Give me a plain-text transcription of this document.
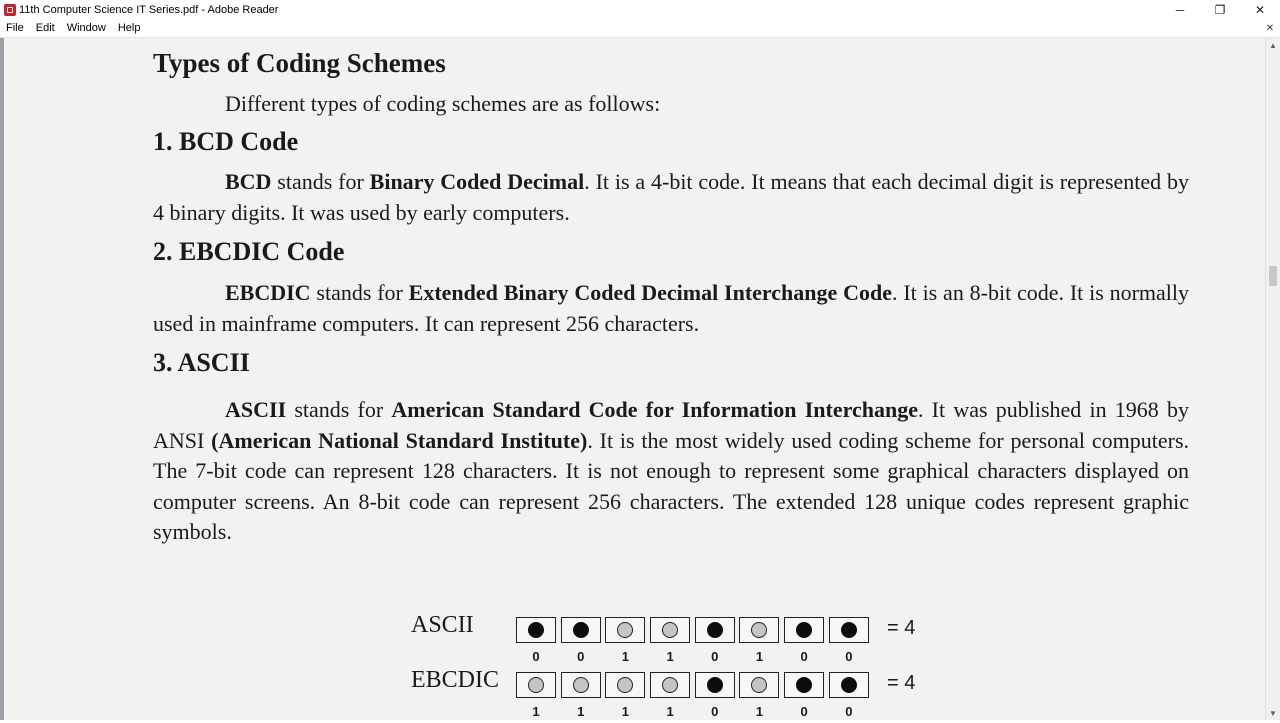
11th Computer Science IT Series.pdf - Adobe Reader	─	❐	✕
File	Edit	Window	Help	✕
Types of Coding Schemes

Different types of coding schemes are as follows:

1. BCD Code

BCD stands for Binary Coded Decimal. It is a 4-bit code. It means that each decimal digit is represented by 4 binary digits. It was used by early computers.

2. EBCDIC Code

EBCDIC stands for Extended Binary Coded Decimal Interchange Code. It is an 8-bit code. It is normally used in mainframe computers. It can represent 256 characters.

3. ASCII

ASCII stands for American Standard Code for Information Interchange. It was published in 1968 by ANSI (American National Standard Institute). It is the most widely used coding scheme for personal computers. The 7-bit code can represent 128 characters. It is not enough to represent some graphical characters displayed on computer screens. An 8-bit code can represent 256 characters. The extended 128 unique codes represent graphic symbols.

ASCII	= 4
0	0	1	1	0	1	0	0
EBCDIC	= 4
1	1	1	1	0	1	0	0
▲
▼
